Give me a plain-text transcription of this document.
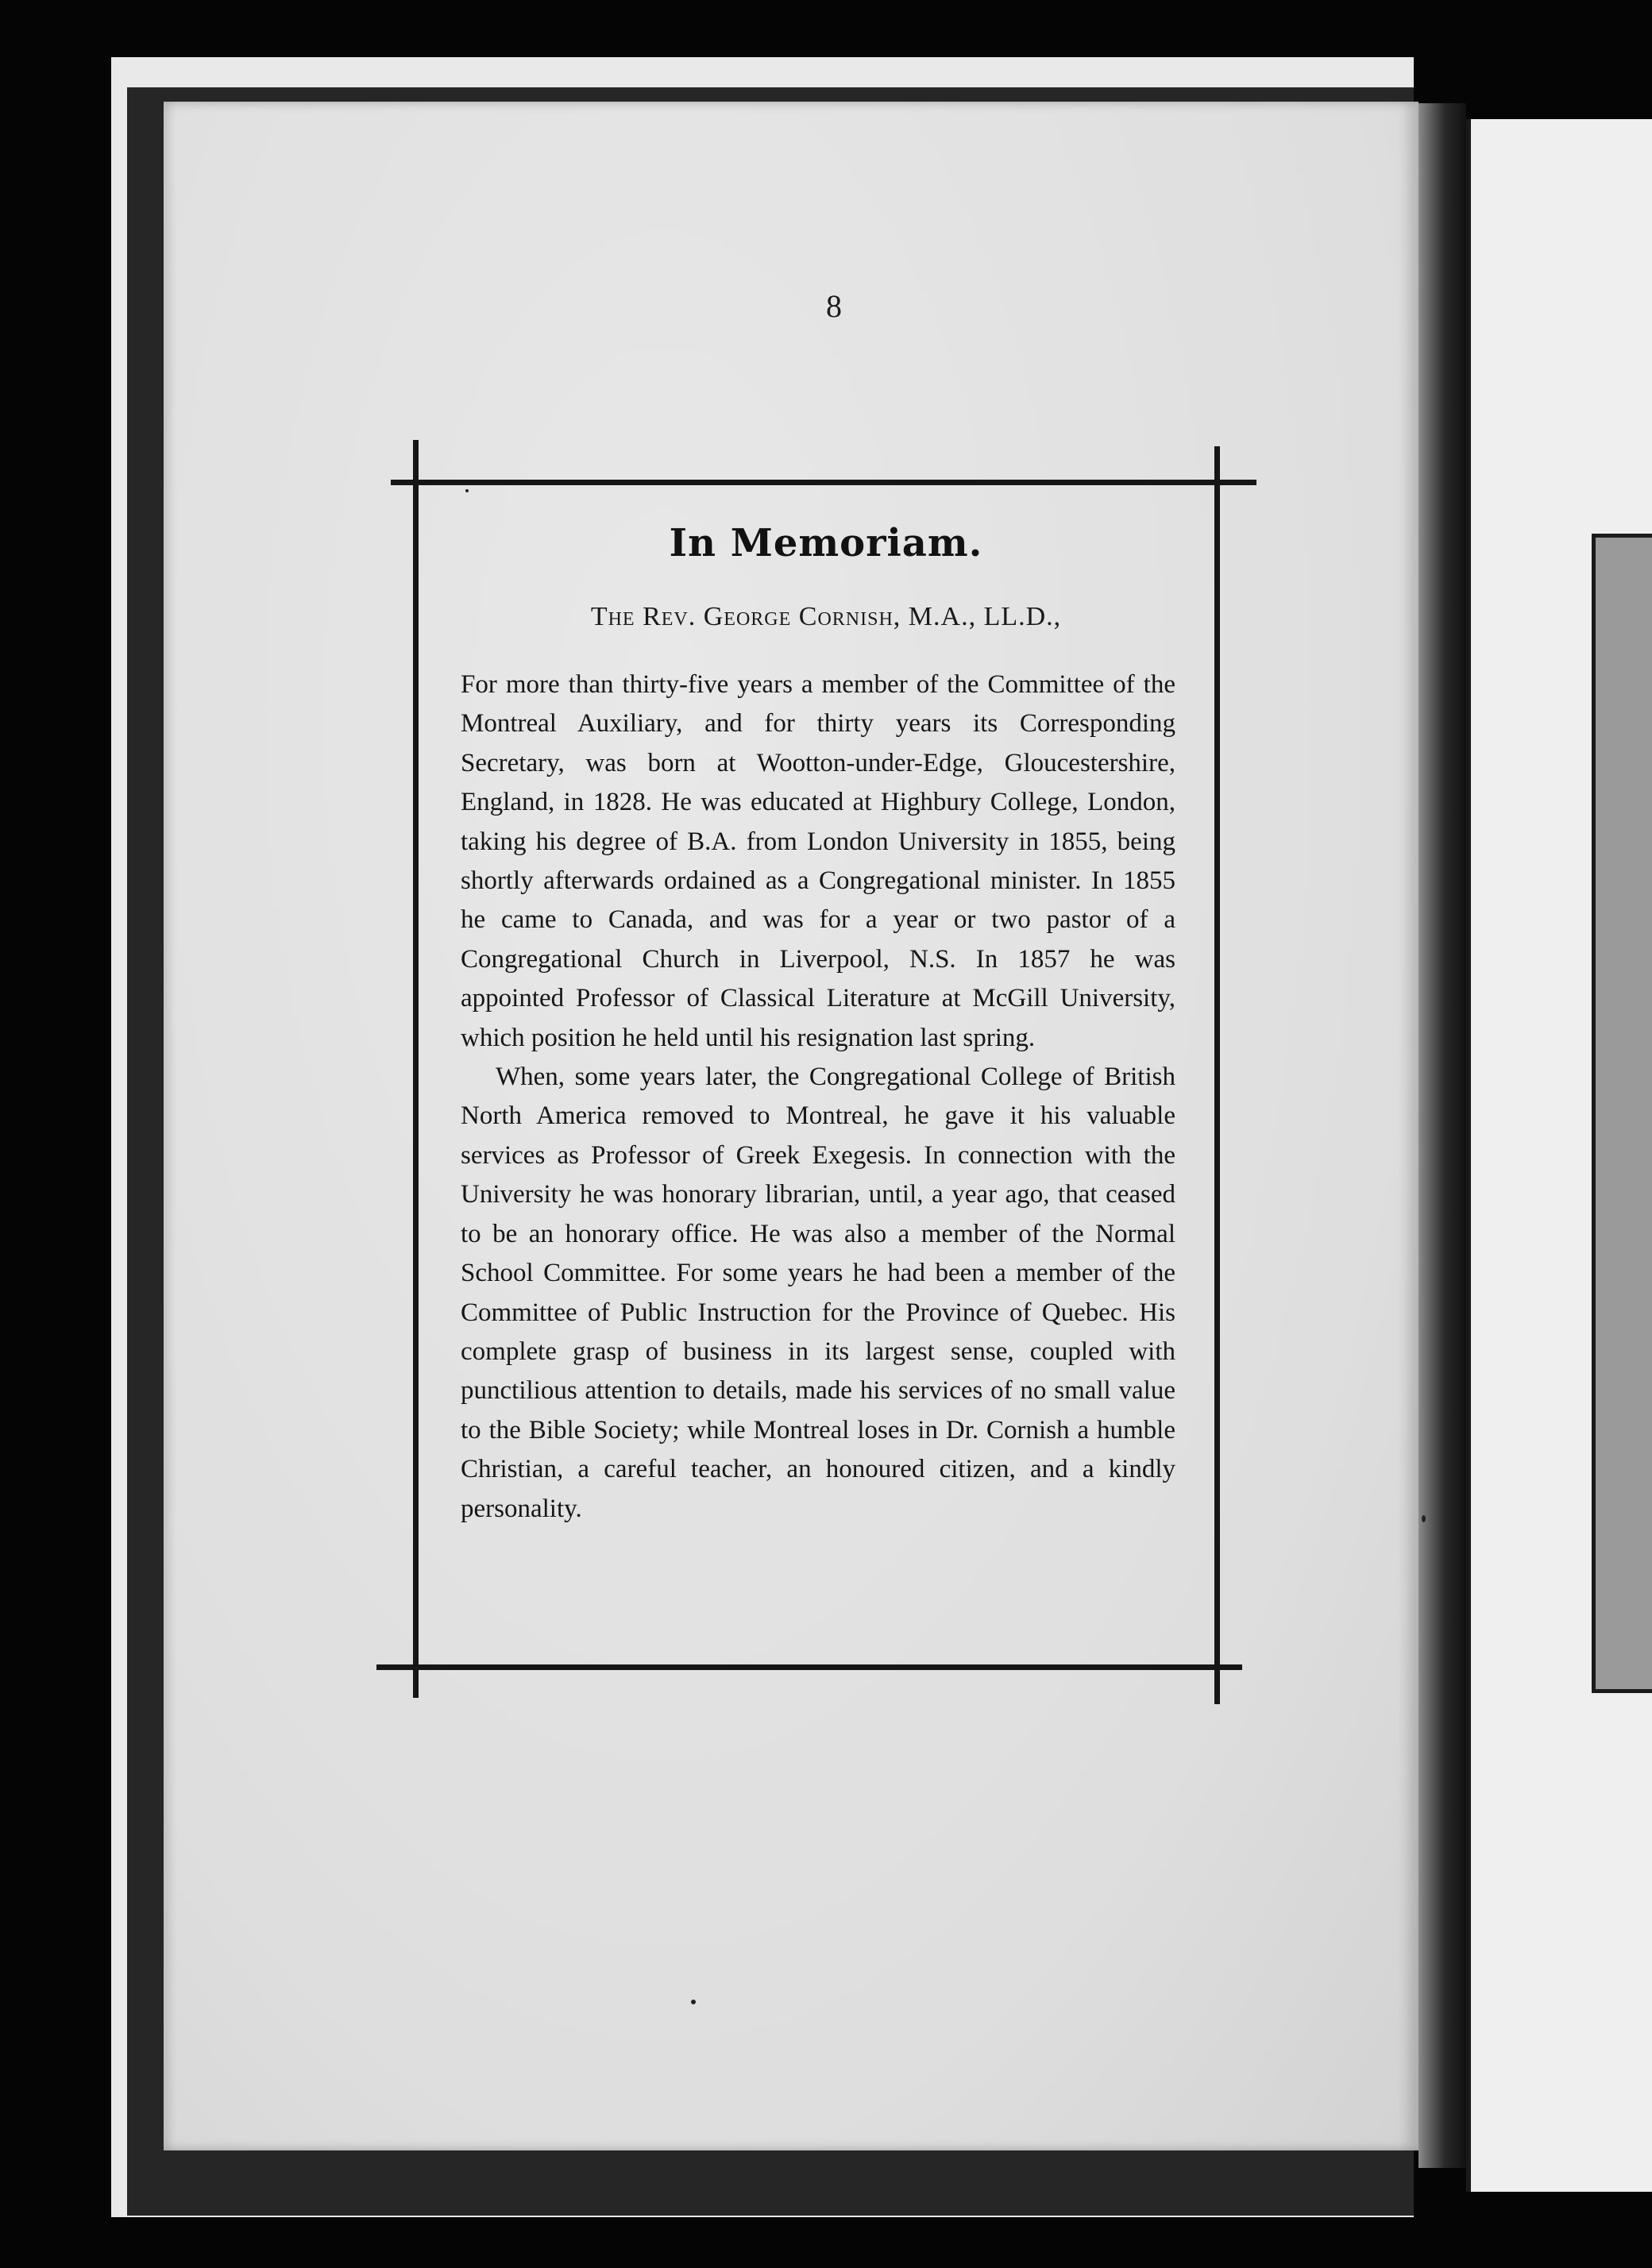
8
In Memoriam.
The Rev. George Cornish, M.A., LL.D.,

For more than thirty-five years a member of the Committee of the Montreal Auxiliary, and for thirty years its Corresponding Secretary, was born at Wootton-under-Edge, Gloucestershire, England, in 1828. He was educated at Highbury College, London, taking his degree of B.A. from London University in 1855, being shortly afterwards ordained as a Congregational minister. In 1855 he came to Canada, and was for a year or two pastor of a Congregational Church in Liverpool, N.S. In 1857 he was appointed Professor of Classical Literature at McGill University, which position he held until his resignation last spring.

When, some years later, the Congregational College of British North America removed to Montreal, he gave it his valuable services as Professor of Greek Exegesis. In connection with the University he was honorary librarian, until, a year ago, that ceased to be an honorary office. He was also a member of the Normal School Committee. For some years he had been a member of the Committee of Public Instruction for the Province of Quebec. His complete grasp of business in its largest sense, coupled with punctilious attention to details, made his services of no small value to the Bible Society; while Montreal loses in Dr. Cornish a humble Christian, a careful teacher, an honoured citizen, and a kindly personality.
